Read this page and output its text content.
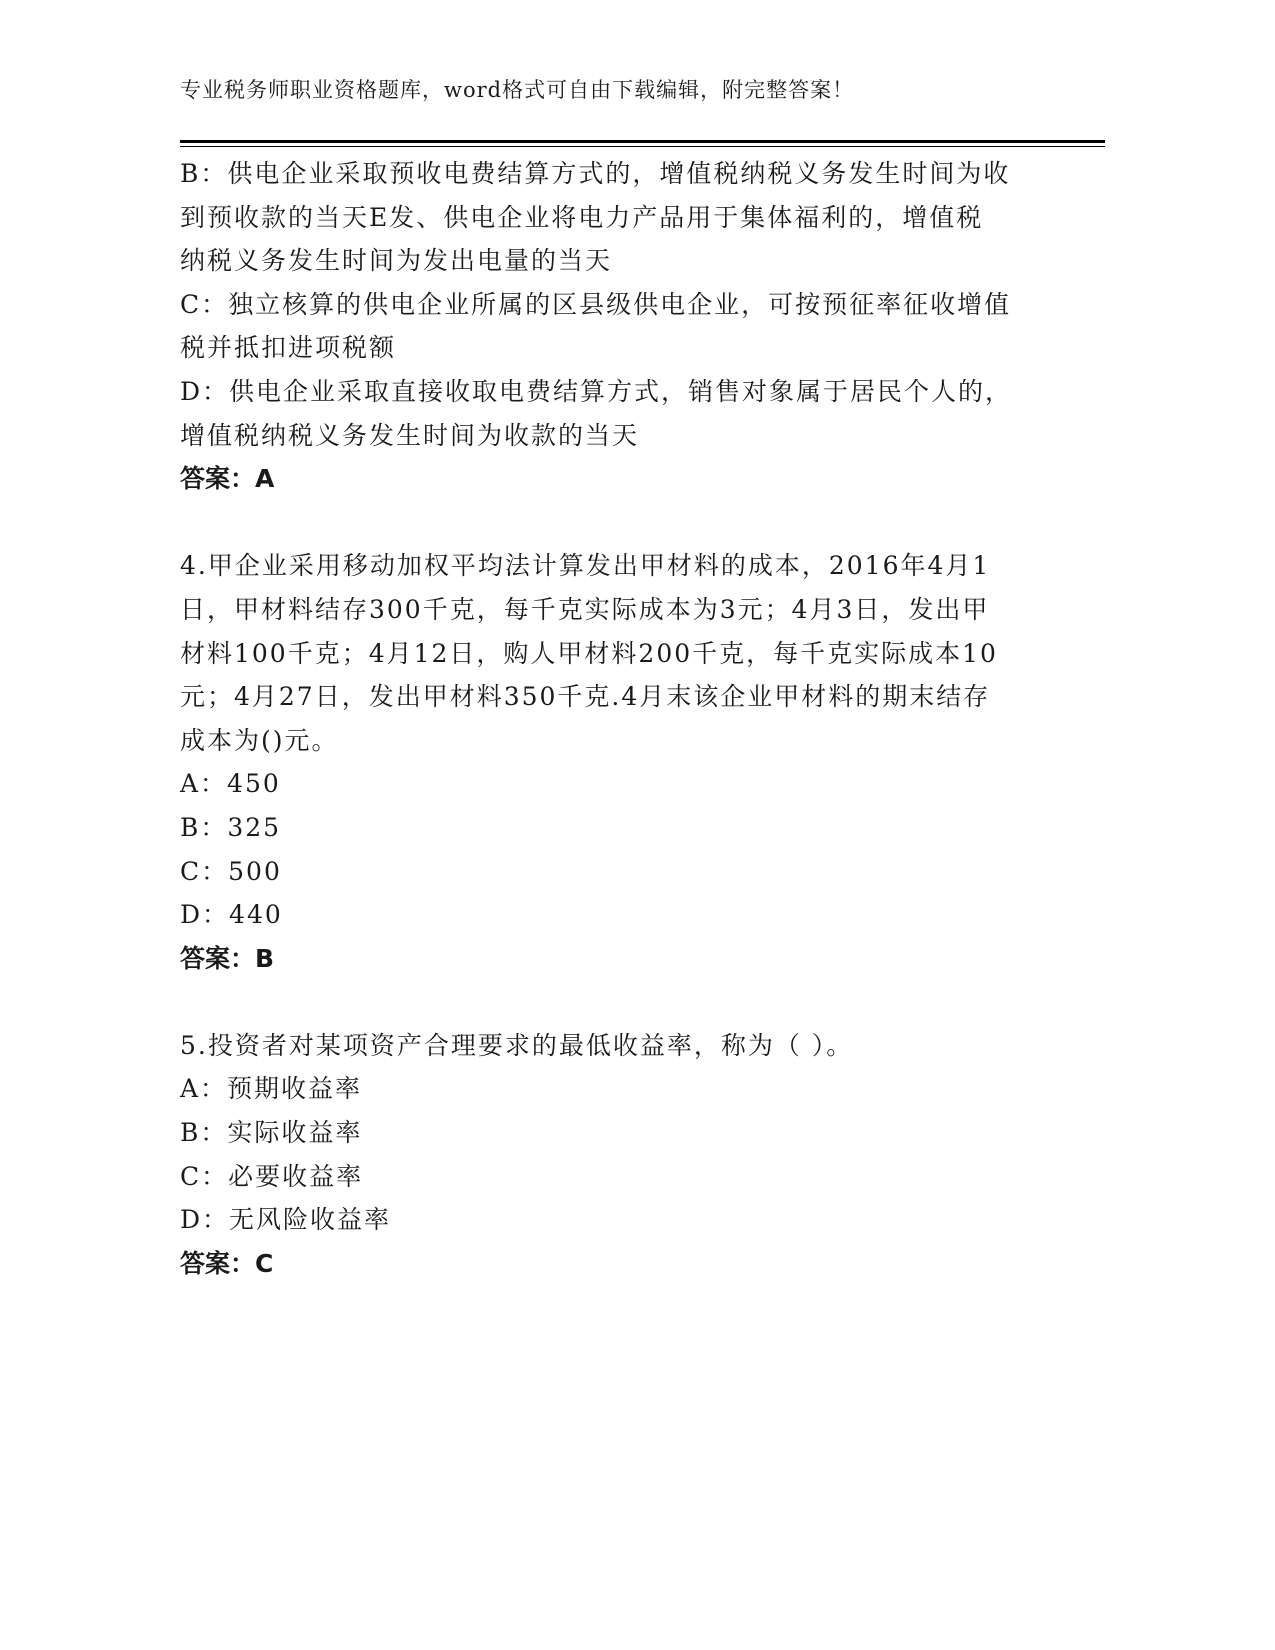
专业税务师职业资格题库，word格式可自由下载编辑，附完整答案！
B：供电企业采取预收电费结算方式的，增值税纳税义务发生时间为收
到预收款的当天E发、供电企业将电力产品用于集体福利的，增值税
纳税义务发生时间为发出电量的当天
C：独立核算的供电企业所属的区县级供电企业，可按预征率征收增值
税并抵扣进项税额
D：供电企业采取直接收取电费结算方式，销售对象属于居民个人的，
增值税纳税义务发生时间为收款的当天
答案：A
4.甲企业采用移动加权平均法计算发出甲材料的成本，2016年4月1
日，甲材料结存300千克，每千克实际成本为3元；4月3日，发出甲
材料100千克；4月12日，购人甲材料200千克，每千克实际成本10
元；4月27日，发出甲材料350千克.4月末该企业甲材料的期末结存
成本为()元。
A：450
B：325
C：500
D：440
答案：B
5.投资者对某项资产合理要求的最低收益率，称为（ ）。
A：预期收益率
B：实际收益率
C：必要收益率
D：无风险收益率
答案：C
